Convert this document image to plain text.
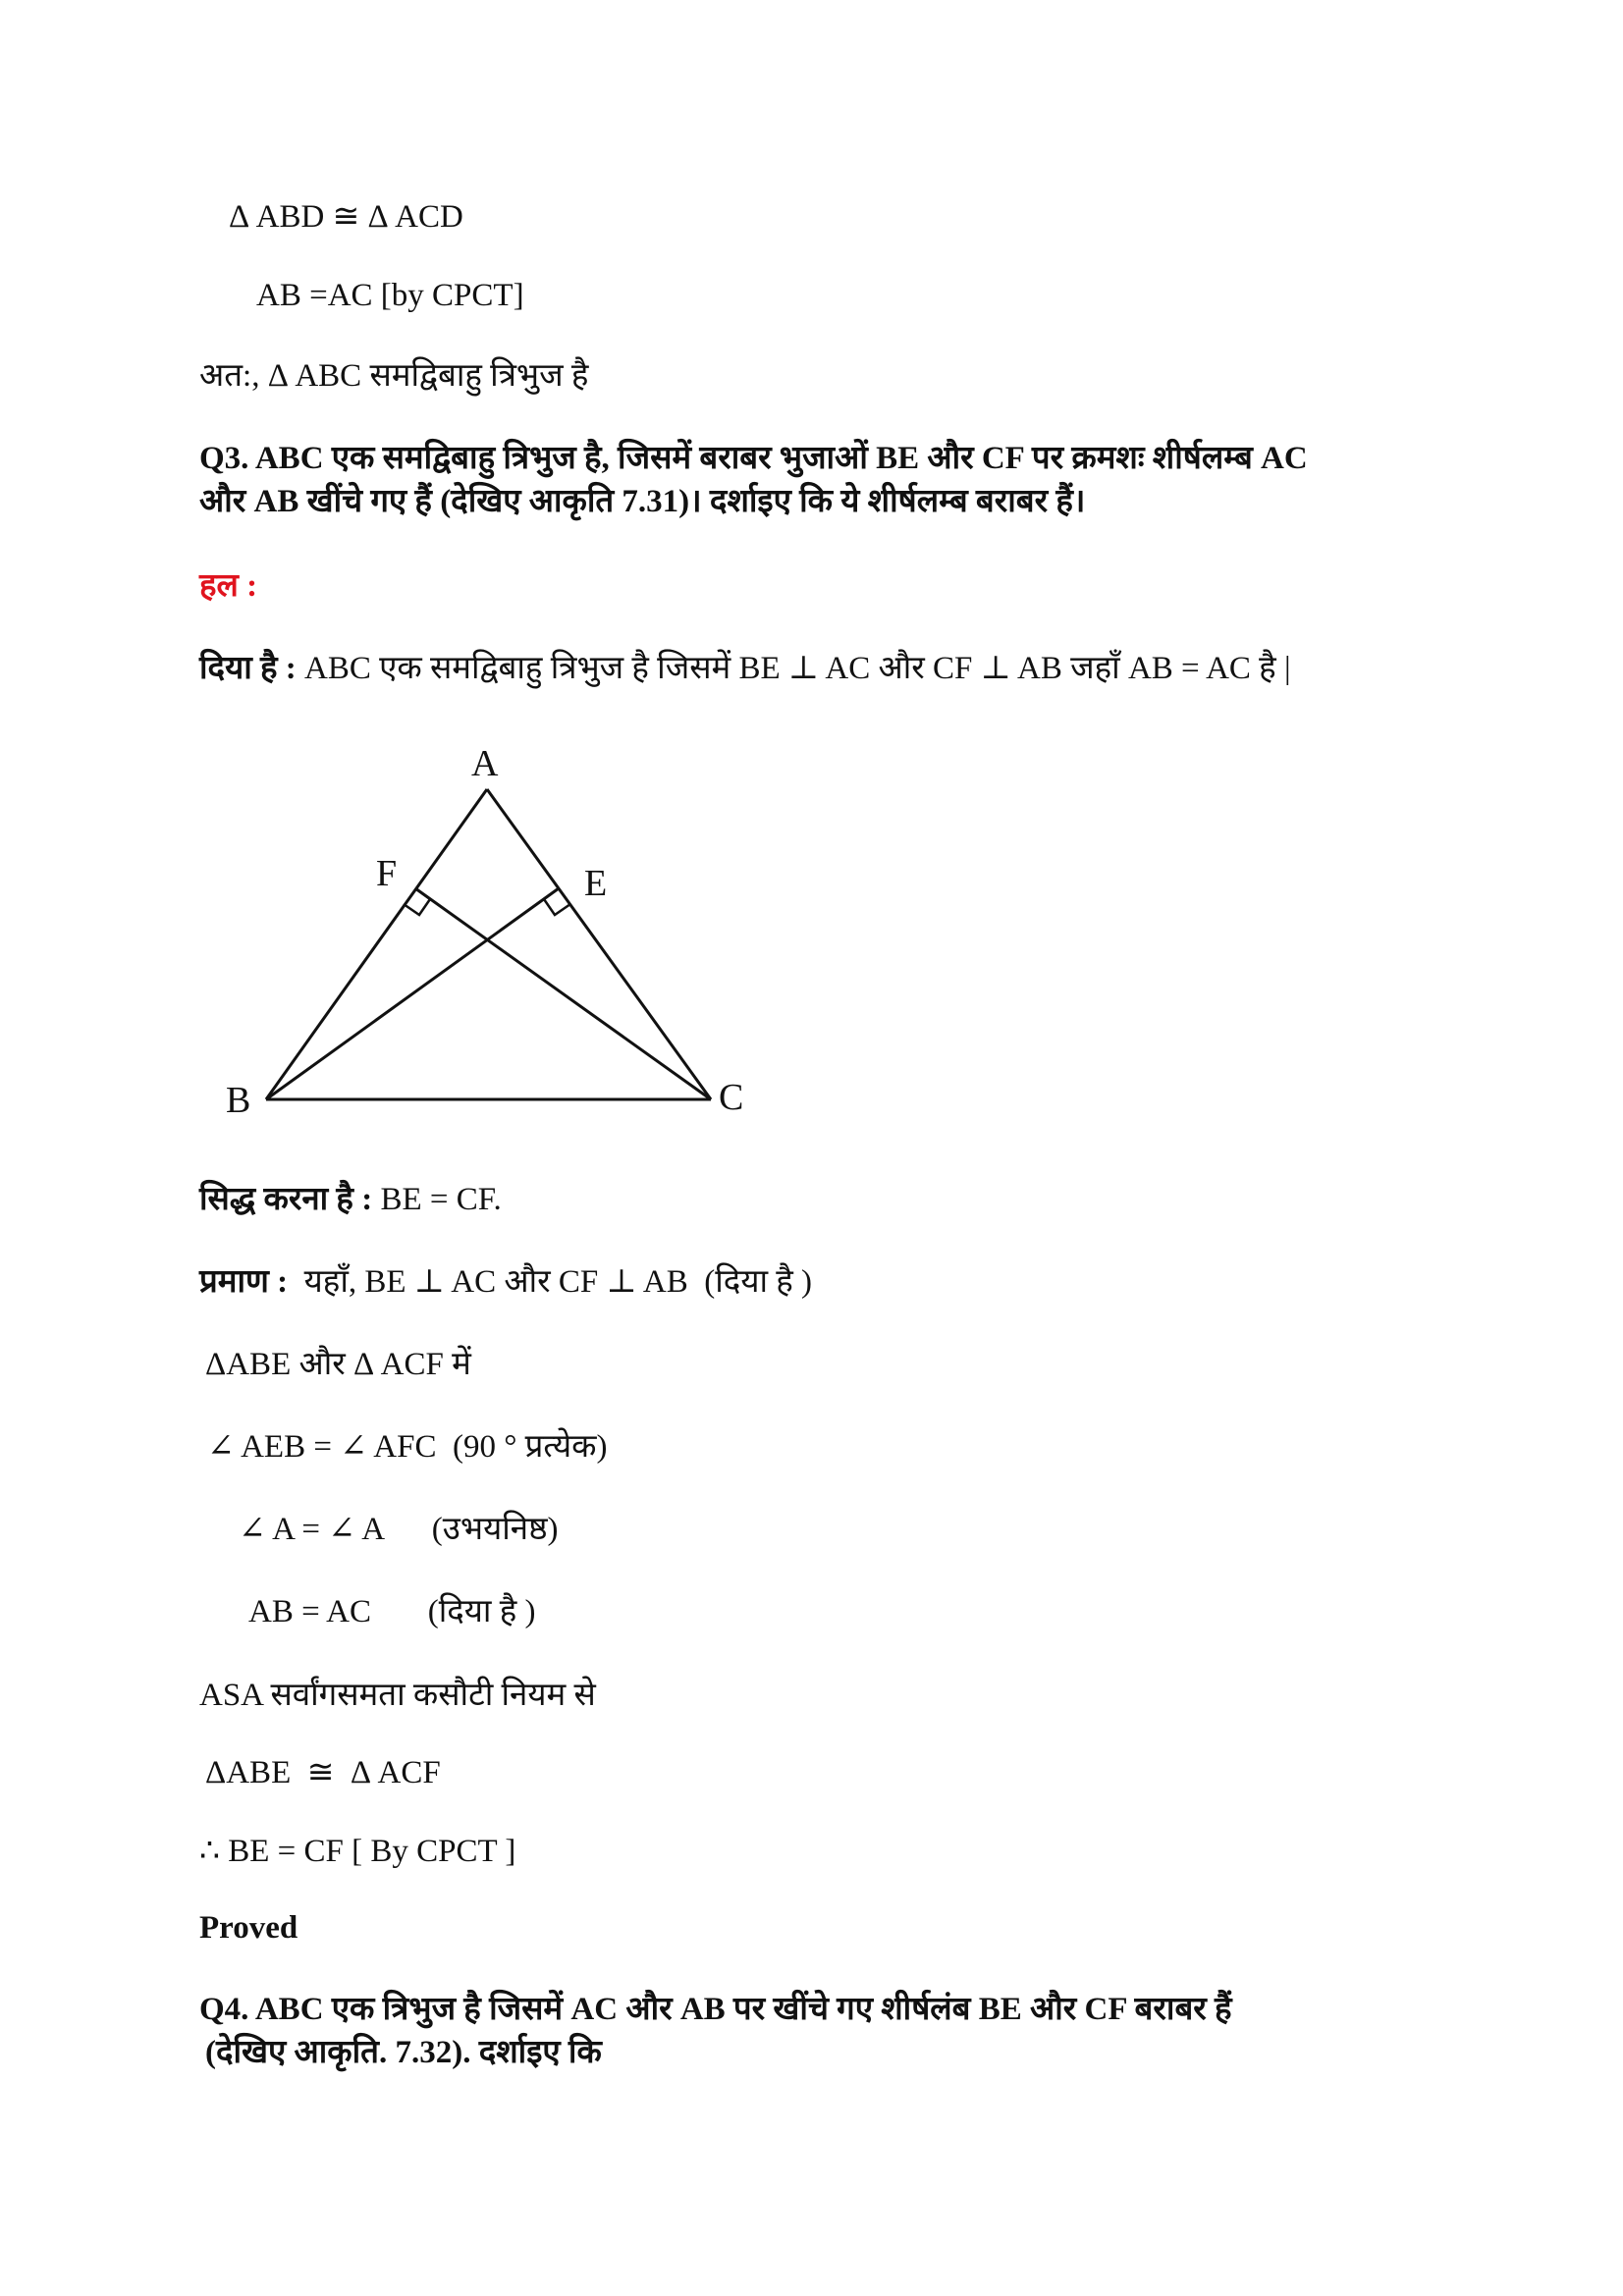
Δ ABD ≅ Δ ACD
AB =AC [by CPCT]
अत:, Δ ABC समद्विबाहु त्रिभुज है
Q3. ABC एक समद्विबाहु त्रिभुज है, जिसमें बराबर भुजाओं BE और CF पर क्रमशः शीर्षलम्ब AC
और AB खींचे गए हैं (देखिए आकृति 7.31)। दर्शाइए कि ये शीर्षलम्ब बराबर हैं।
हल :
दिया है : ABC एक समद्विबाहु त्रिभुज है जिसमें BE ⊥ AC और CF ⊥ AB जहाँ AB = AC है |
A
B	C
E
F
सिद्ध करना है : BE = CF.
प्रमाण :  यहाँ, BE ⊥ AC और CF ⊥ AB  (दिया है )
ΔABE और Δ ACF में
∠ AEB = ∠ AFC  (90 ° प्रत्येक)
∠ A = ∠ A      (उभयनिष्ठ)
AB = AC       (दिया है )
ASA सर्वांगसमता कसौटी नियम से
ΔABE  ≅  Δ ACF
∴ BE = CF [ By CPCT ]
Proved
Q4. ABC एक त्रिभुज है जिसमें AC और AB पर खींचे गए शीर्षलंब BE और CF बराबर हैं
(देखिए आकृति. 7.32). दर्शाइए कि
